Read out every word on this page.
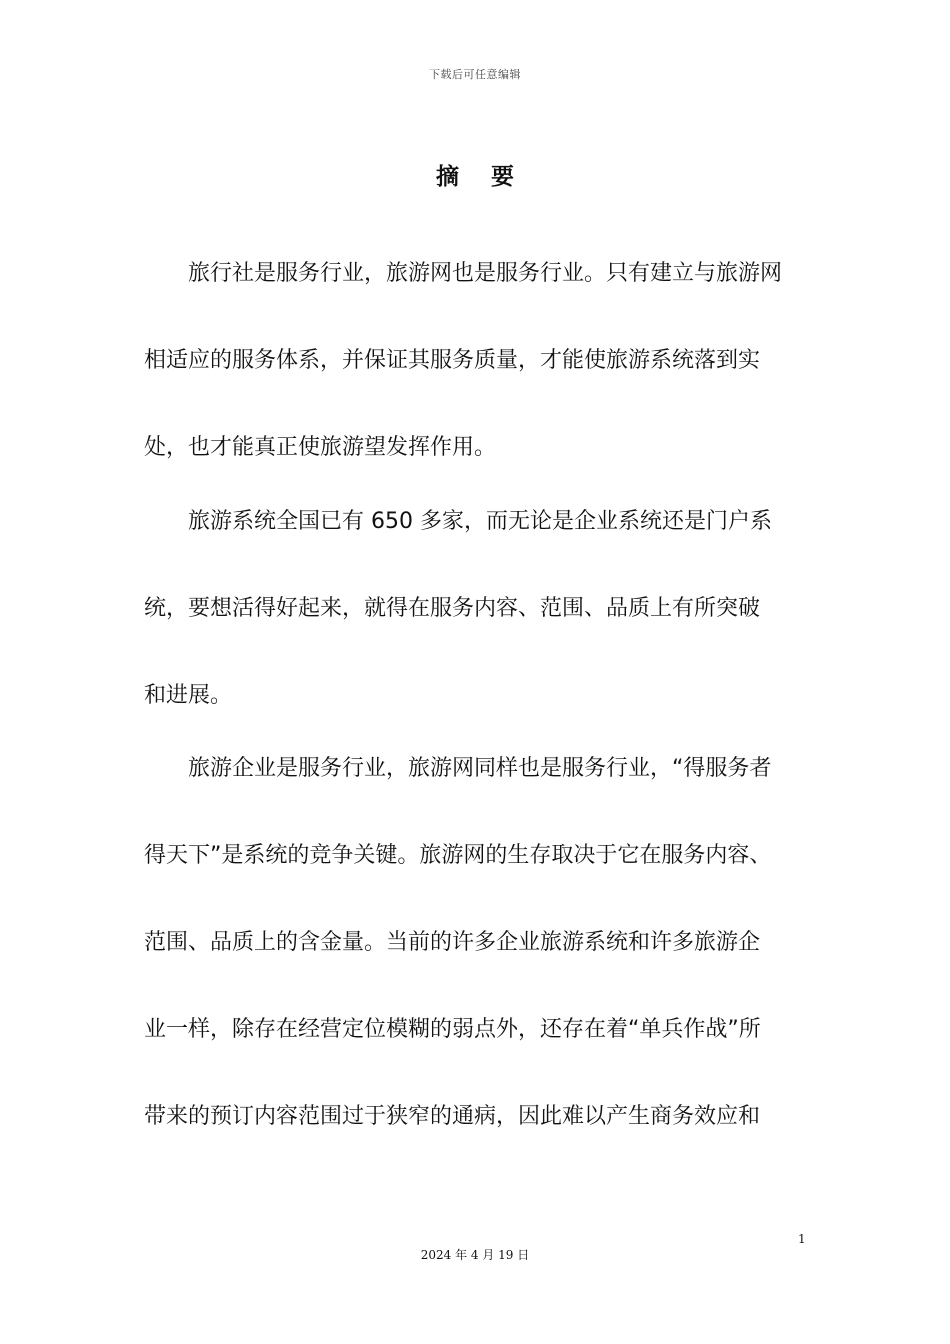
下载后可任意编辑
摘 要
　　旅行社是服务行业，旅游网也是服务行业。只有建立与旅游网
相适应的服务体系，并保证其服务质量，才能使旅游系统落到实
处，也才能真正使旅游望发挥作用。
　　旅游系统全国已有 650 多家，而无论是企业系统还是门户系
统，要想活得好起来，就得在服务内容、范围、品质上有所突破
和进展。
　　旅游企业是服务行业，旅游网同样也是服务行业，“得服务者
得天下”是系统的竞争关键。旅游网的生存取决于它在服务内容、
范围、品质上的含金量。当前的许多企业旅游系统和许多旅游企
业一样，除存在经营定位模糊的弱点外，还存在着“单兵作战”所
带来的预订内容范围过于狭窄的通病，因此难以产生商务效应和
1
2024 年 4 月 19 日
